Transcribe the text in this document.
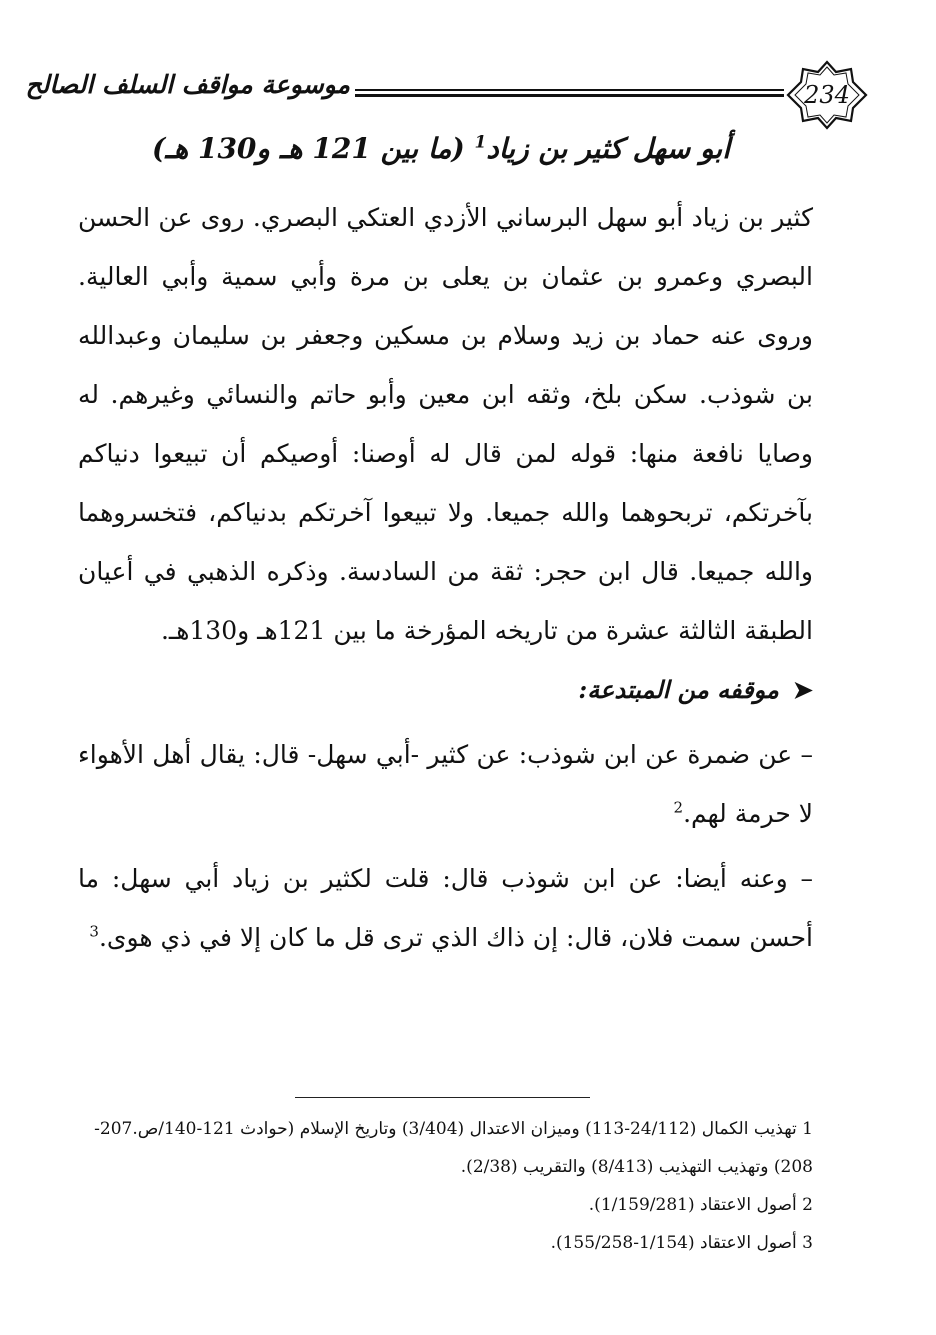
موسوعة مواقف السلف الصالح	234
أبو سهل كثير بن زياد$^1$ (ما بين 121 هـ و130 هـ)

كثير بن زياد أبو سهل البرساني الأزدي العتكي البصري. روى عن الحسن البصري وعمرو بن عثمان بن يعلى بن مرة وأبي سمية وأبي العالية. وروى عنه حماد بن زيد وسلام بن مسكين وجعفر بن سليمان وعبدالله بن شوذب. سكن بلخ، وثقه ابن معين وأبو حاتم والنسائي وغيرهم. له وصايا نافعة منها: قوله لمن قال له أوصنا: أوصيكم أن تبيعوا دنياكم بآخرتكم، تربحوهما والله جميعا. ولا تبيعوا آخرتكم بدنياكم، فتخسروهما والله جميعا. قال ابن حجر: ثقة من السادسة. وذكره الذهبي في أعيان الطبقة الثالثة عشرة من تاريخه المؤرخة ما بين 121هـ و130هـ.

➤موقفه من المبتدعة:

– عن ضمرة عن ابن شوذب: عن كثير -أبي سهل- قال: يقال أهل الأهواء لا حرمة لهم.$^2$

– وعنه أيضا: عن ابن شوذب قال: قلت لكثير بن زياد أبي سهل: ما أحسن سمت فلان، قال: إن ذاك الذي ترى قل ما كان إلا في ذي هوى.$^3$

1 تهذيب الكمال (24/112-113) وميزان الاعتدال (3/404) وتاريخ الإسلام (حوادث 121-140/ص.207-208) وتهذيب التهذيب (8/413) والتقريب (2/38).

2 أصول الاعتقاد (1/159/281).

3 أصول الاعتقاد (1/154-155/258).
